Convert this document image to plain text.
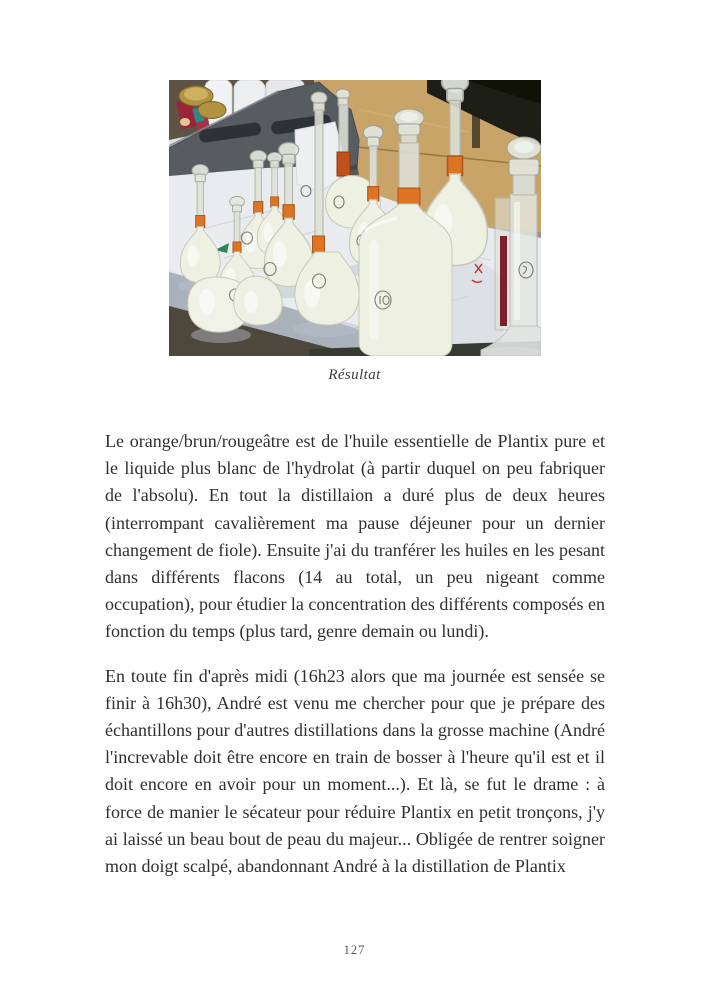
Résultat

Le orange/brun/rougeâtre est de l'huile essentielle de Plantix pure et le liquide plus blanc de l'hydrolat (à partir duquel on peu fabriquer de l'absolu). En tout la distillaion a duré plus de deux heures (interrompant cavalièrement ma pause déjeuner pour un dernier changement de fiole). Ensuite j'ai du tranférer les huiles en les pesant dans différents flacons (14 au total, un peu nigeant comme occupation), pour étudier la concentration des différents composés en fonction du temps (plus tard, genre demain ou lundi).

En toute fin d'après midi (16h23 alors que ma journée est sensée se finir à 16h30), André est venu me chercher pour que je prépare des échantillons pour d'autres distillations dans la grosse machine (André l'increvable doit être encore en train de bosser à l'heure qu'il est et il doit encore en avoir pour un moment...). Et là, se fut le drame : à force de manier le sécateur pour réduire Plantix en petit tronçons, j'y ai laissé un beau bout de peau du majeur... Obligée de rentrer soigner mon doigt scalpé, abandonnant André à la distillation de Plantix

127
